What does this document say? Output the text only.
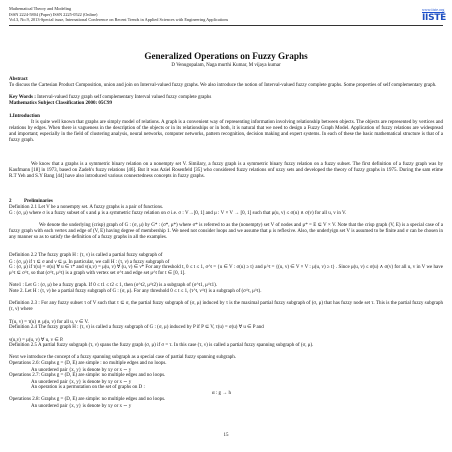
Mathematical Theory and Modeling
ISSN 2224-5804 (Paper) ISSN 2225-0522 (Online)
Vol.3, No.9, 2013-Special issue, International Conference on Recent Trends in Applied Sciences with Engineering Applications
www.iiste.org
IISTE
Generalized Operations on Fuzzy Graphs
D Venugopalam, Naga murthi Kumar, M vijaya kumar
Abstract
To discuss the Cartesian Product Composition, union and join on Interval-valued fuzzy graphs. We also introduce the notion of Interval-valued fuzzy complete graphs. Some properties of self complementary graph.
Key Words : Interval-valued fuzzy graph self complementary Interval valued fuzzy complete graphs
Mathematics Subject Classification 2000: 05C99
1.Introduction
It is quite well known that graphs are simply model of relations. A graph is a convenient way of representing information involving relationship between objects. The objects are represented by vertices and relations by edges. When there is vagueness in the description of the objects or in its relationships or in both, it is natural that we need to design a Fuzzy Graph Model. Application of fuzzy relations are widespread and important; especially in the field of clustering analysis, neural networks, computer networks, pattern recognition, decision making and expert systems. In each of these the basic mathematical structure is that of a fuzzy graph.
We know that a graphs is a symmetric binary relation on a nonempty set V. Similary, a fuzzy graph is a symmetric binary fuzzy relation on a fuzzy subset. The first definition of a fuzzy graph was by Kaufmann [18] in 1973, based on Zadeh's fuzzy relations [46]. But it was Aziel Rosenfeld [35] who considered fuzzy relations onf uzzy sets and developed the theory of fuzzy graphs in 1975. During the sam etime R.T Yeh and S.Y Bang [44] have also introduced various connectedness concepts in fuzzy graphs.
2          Preliminaries
Definition 2.1 Let V be a nonempty set. A fuzzy graphs is a pair of functions.
G : (σ, μ) where σ is a fuzzy subset of s and μ is a symmetric fuzzy relation on σ i.e. σ : V→[0, 1] and μ : V × V → [0, 1] such that μ(u, v) ≤ σ(u) ∧ σ(v) for all u, v in V.
We denote the underlying (crisp) graph of G : (σ, μ) by G* : (σ*, μ*) where σ* is referred to as the (nonempty) set V of nodes and μ* = E ⊆ V × V. Note that the crisp graph (V, E) is a special case of a fuzzy graph with each vertex and edge of (V, E) having degree of membership 1. We need not consider loops and we assume that μ is reflexive. Also, the underlyign set V is assumed to be finite and σ can be chosen in any manner so as to satisfy the definition of a fuzzy graphs in all the examples.
Definition 2.2 The fuzzy graph H : (τ, ν) is called a partial fuzzy subgraph of
G : (σ, μ) if τ ⊆ σ and ν ⊆ μ. In particular, we call H : (τ, ν) a fuzzy subgraph of
G : (σ, μ) if τ(u) = σ(u) ∀ u ∈ τ* and ν(u,v) = μ(u, v) ∀ (u, v) ∈ ν* For any threshold t, 0 ≤ t ≤ 1, σ^t = {u ∈ V : σ(u) ≥ t} and μ^t = {(u, v) ∈ V × V : μ(u, v) ≥ t} . Since μ(u, v) ≤ σ(u) ∧ σ(v) for all u, v in V we have μ^t ⊆ σ^t, so that (σ^t, μ^t) is a graph with vertex set σ^t and edge set μ^t for t ∈ [0, 1].
Note1 : Let G : (σ, μ) be a fuzzy graph. If 0 ≤ t1 ≤ t2 ≤ 1, then (σ^t2, μ^t2) is a subgraph of (σ^t1, μ^t1).
Note 2. Let H : (τ, ν) be a partial fuzzy subgraph of G : (σ, μ). For any threshold 0 ≤ t ≤ 1, (τ^t, ν^t) is a subgraph of (σ^t, μ^t).
Definition 2.3 : For any fuzzy subset τ of V such that τ ⊆ σ, the partial fuzzy subgraph of (σ, μ) induced by τ is the maximal partial fuzzy subgraph of (σ, μ) that has fuzzy node set τ. This is the partial fuzzy subgraph (τ, ν) where
T(u, v) = τ(u) ∧ μ(u, v) for all u, v ∈ V.
Definition 2.4 The fuzzy graph H : (τ, ν) is called a fuzzy subgraph of G : (σ, μ) induced by P if P ⊆ V, τ(u) = σ(u) ∀ u ∈ P and
ν(u,v) = μ(u, v) ∀ u, v ∈ P.
Definition 2.5 A partial fuzzy subgraph (τ, ν) spans the fuzzy graph (σ, μ) if σ = τ. In this case (τ, ν) is called a partial fuzzy spanning subgraph of (σ, μ).
Next we introduce the concept of a fuzzy spanning subgraph as a special case of partial fuzzy spanning subgraph.
Operations 2.6: Graphs g = (D, E) are simple : no multiple edges and no loops.
An unordered pair {x, y} is denote by xy or x ∼ y
Operations 2.7: Graphs g = (D, E) are simple: no multiple edges and no loops.
An unordered pair {x, y} is denote by xy or x ∼ y
An operation is a permutation on the set of graphs on D :
α : g → h
Operations 2.8: Graphs g = (D, E) are simple: no multiple edges and no loops.
An unordered pair {x, y} is denote by xy or x ∼ y
15
